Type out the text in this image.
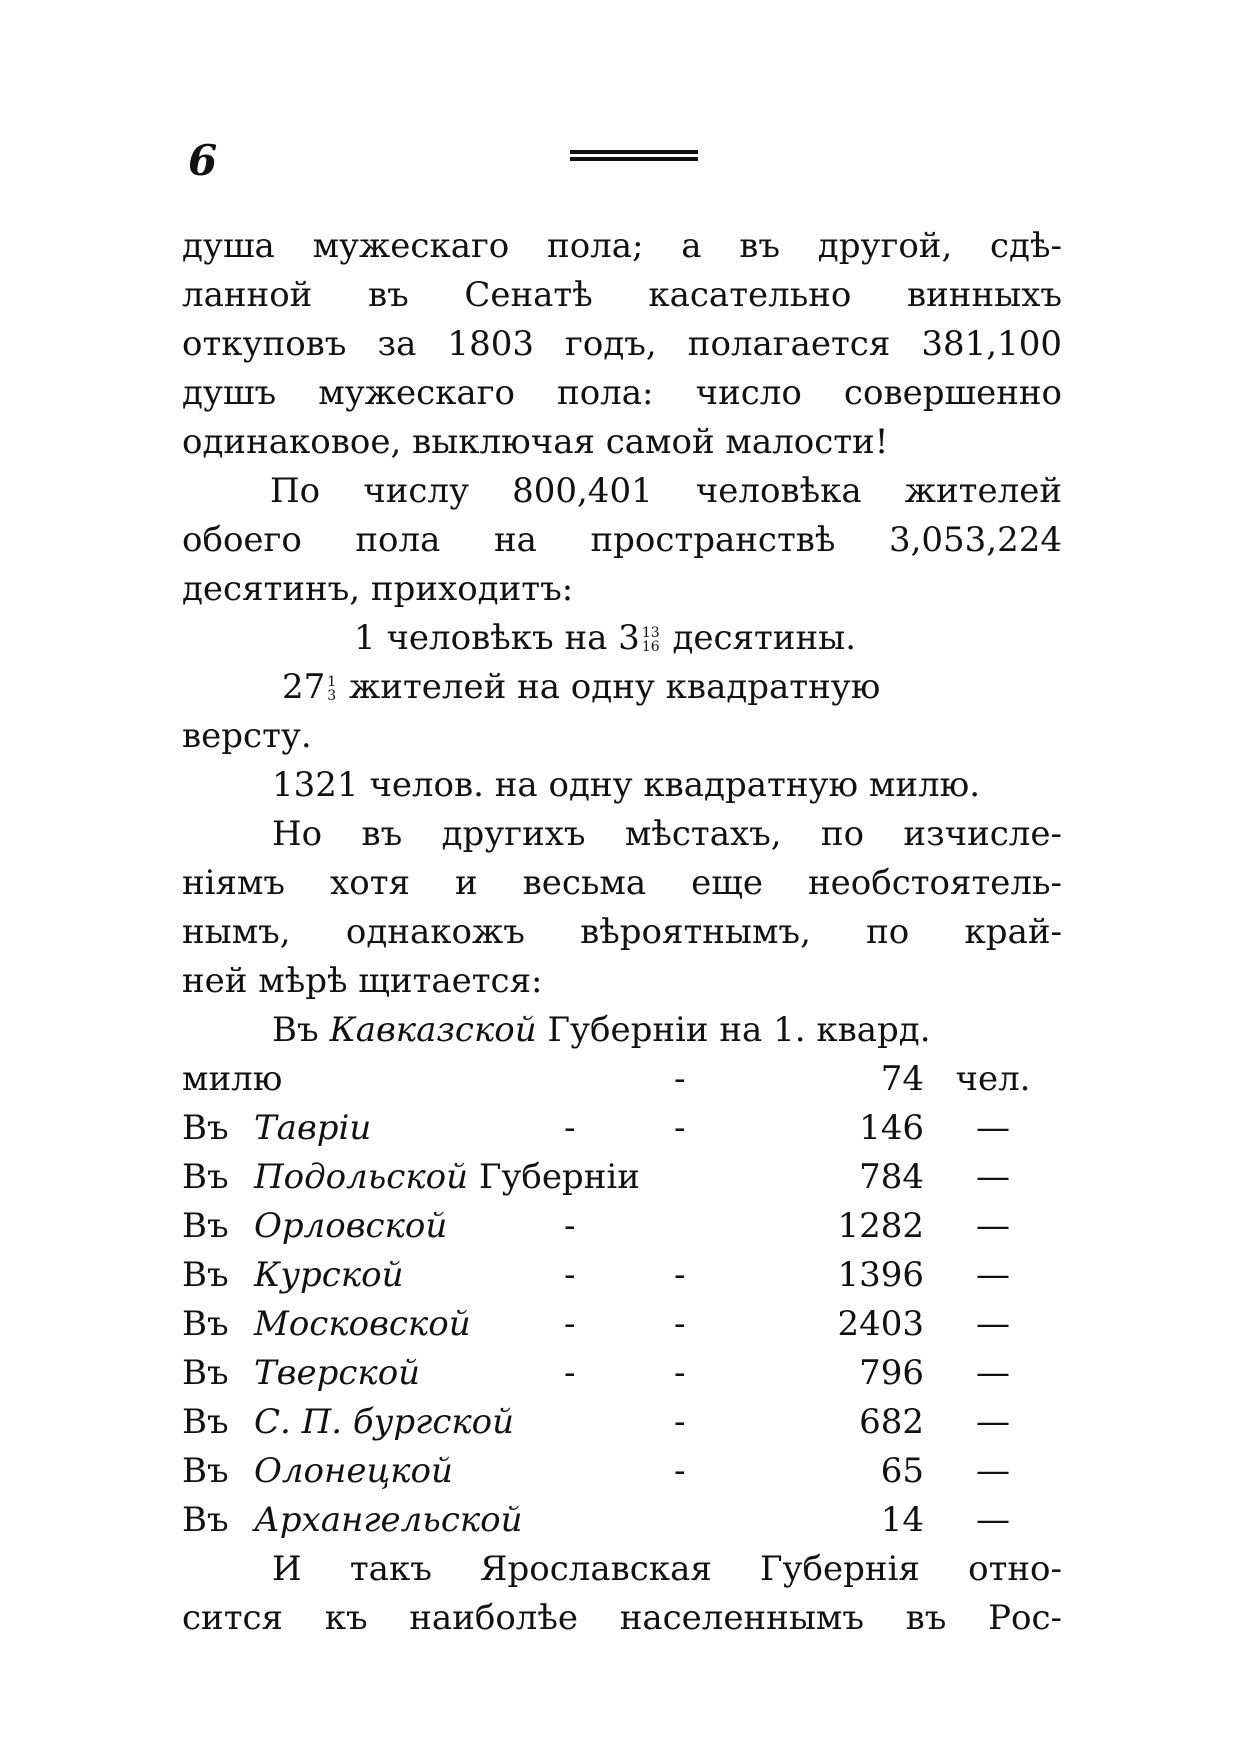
6
душа мужескаго пола; а въ другой, сдѣ-
ланной въ Сенатѣ касательно винныхъ
откуповъ за 1803 годъ, полагается 381,100
душъ мужескаго пола: число совершенно
одинаковое, выключая самой малости!
По числу 800,401 человѣка жителей
обоего пола на пространствѣ 3,053,224
десятинъ, приходитъ:
1 человѣкъ на 3 13
16 десятины.
27 1
3 жителей на одну квадратную
версту.
1321 челов. на одну квадратную милю.
Но въ другихъ мѣстахъ, по изчисле-
ніямъ хотя и весьма еще необстоятель-
нымъ, однакожъ вѣроятнымъ, по край-
ней мѣрѣ щитается:
Въ Кавказской Губерніи на 1. квард.
милю			-	74	чел.
Въ	Тавріи	-	-	146	—
Въ	Подольской Губерніи			784	—
Въ	Орловской	-		1282	—
Въ	Курской	-	-	1396	—
Въ	Московской	-	-	2403	—
Въ	Тверской	-	-	796	—
Въ	С. П. бургской		-	682	—
Въ	Олонецкой		-	65	—
Въ	Архангельской			14	—
И такъ Ярославская Губернія отно-
сится къ наиболѣе населеннымъ въ Рос-
